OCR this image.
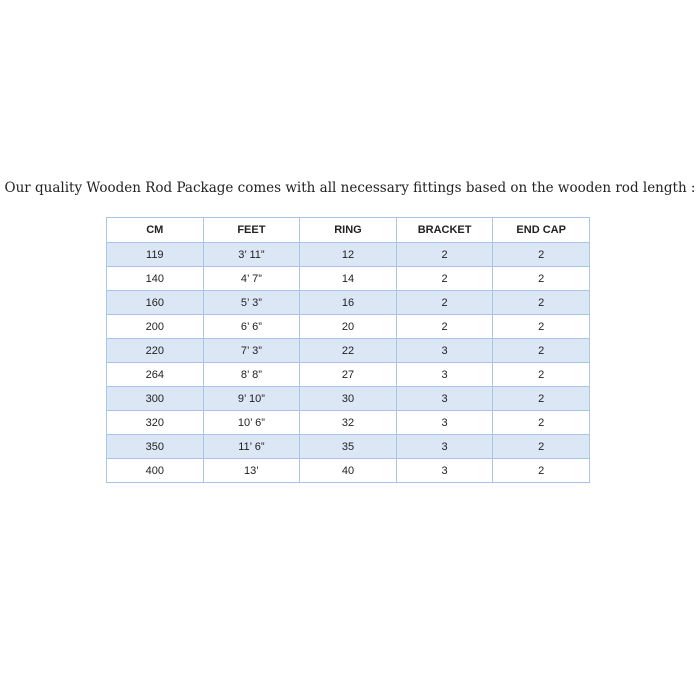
Our quality Wooden Rod Package comes with all necessary fittings based on the wooden rod length :
CM	FEET	RING	BRACKET	END CAP
119	3’ 11”	12	2	2
140	4’ 7”	14	2	2
160	5’ 3”	16	2	2
200	6’ 6”	20	2	2
220	7’ 3”	22	3	2
264	8’ 8”	27	3	2
300	9’ 10”	30	3	2
320	10’ 6”	32	3	2
350	11’ 6”	35	3	2
400	13’	40	3	2
